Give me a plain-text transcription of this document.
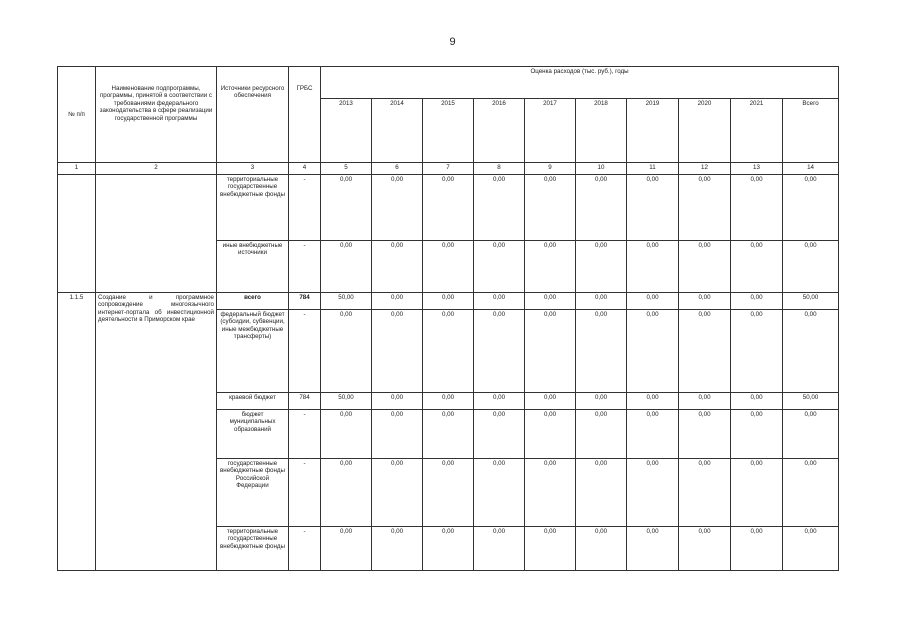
9
№ п/п	Наименование подпрограммы, программы, принятой в соответствии с требованиями федерального законодательства в сфере реализации государственной программы	Источники ресурсного обеспечения	ГРБС	Оценка расходов (тыс. руб.), годы									
				2013	2014	2015	2016	2017	2018	2019	2020	2021	Всего
1	2	3	4	5	6	7	8	9	10	11	12	13	14
		территориальные государственные внебюджетные фонды	-	0,00	0,00	0,00	0,00	0,00	0,00	0,00	0,00	0,00	0,00
		иные внебюджетные источники	-	0,00	0,00	0,00	0,00	0,00	0,00	0,00	0,00	0,00	0,00
1.1.5	Создание и программное сопровождение многоязычного интернет-портала об инвестиционной деятельности в Приморском крае	всего	784	50,00	0,00	0,00	0,00	0,00	0,00	0,00	0,00	0,00	50,00
		федеральный бюджет (субсидии, субвенции, иные межбюджетные трансферты)	-	0,00	0,00	0,00	0,00	0,00	0,00	0,00	0,00	0,00	0,00
		краевой бюджет	784	50,00	0,00	0,00	0,00	0,00	0,00	0,00	0,00	0,00	50,00
		бюджет муниципальных образований	-	0,00	0,00	0,00	0,00	0,00	0,00	0,00	0,00	0,00	0,00
		государственные внебюджетные фонды Российской Федерации	-	0,00	0,00	0,00	0,00	0,00	0,00	0,00	0,00	0,00	0,00
		территориальные государственные внебюджетные фонды	-	0,00	0,00	0,00	0,00	0,00	0,00	0,00	0,00	0,00	0,00
